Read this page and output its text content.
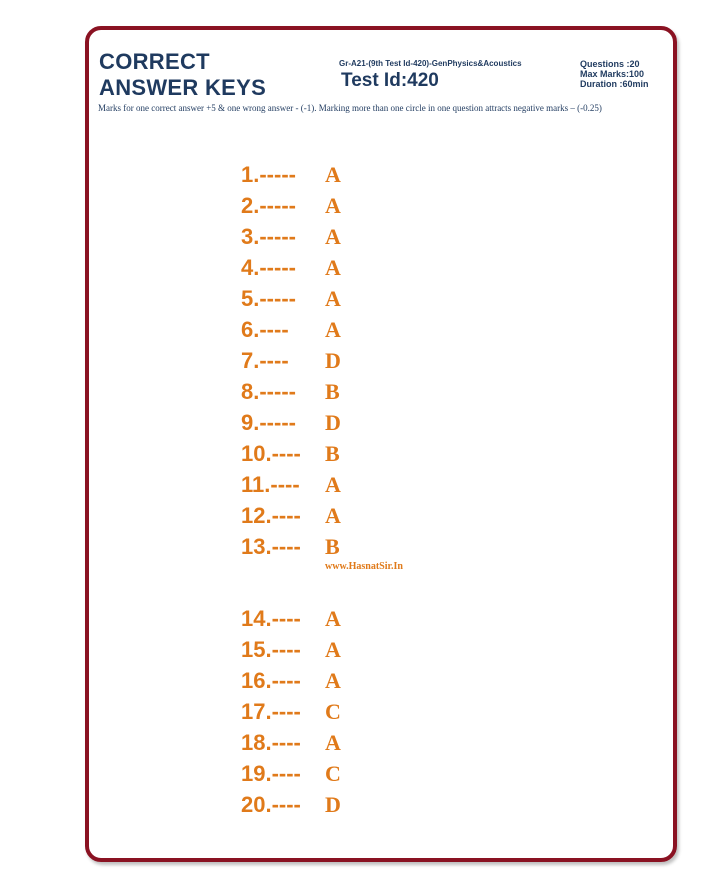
CORRECT
ANSWER KEYS
Gr-A21-(9th Test Id-420)-GenPhysics&Acoustics
Test Id:420
Questions :20
Max Marks:100
Duration :60min
Marks for one correct answer +5 & one wrong answer - (-1). Marking more than one circle in one question attracts negative marks – (-0.25)
1.----- A
2.----- A
3.----- A
4.----- A
5.----- A
6.---- A
7.---- D
8.----- B
9.----- D
10.---- B
11.---- A
12.---- A
13.---- B
14.---- A
15.---- A
16.---- A
17.---- C
18.---- A
19.---- C
20.---- D
www.HasnatSir.In
